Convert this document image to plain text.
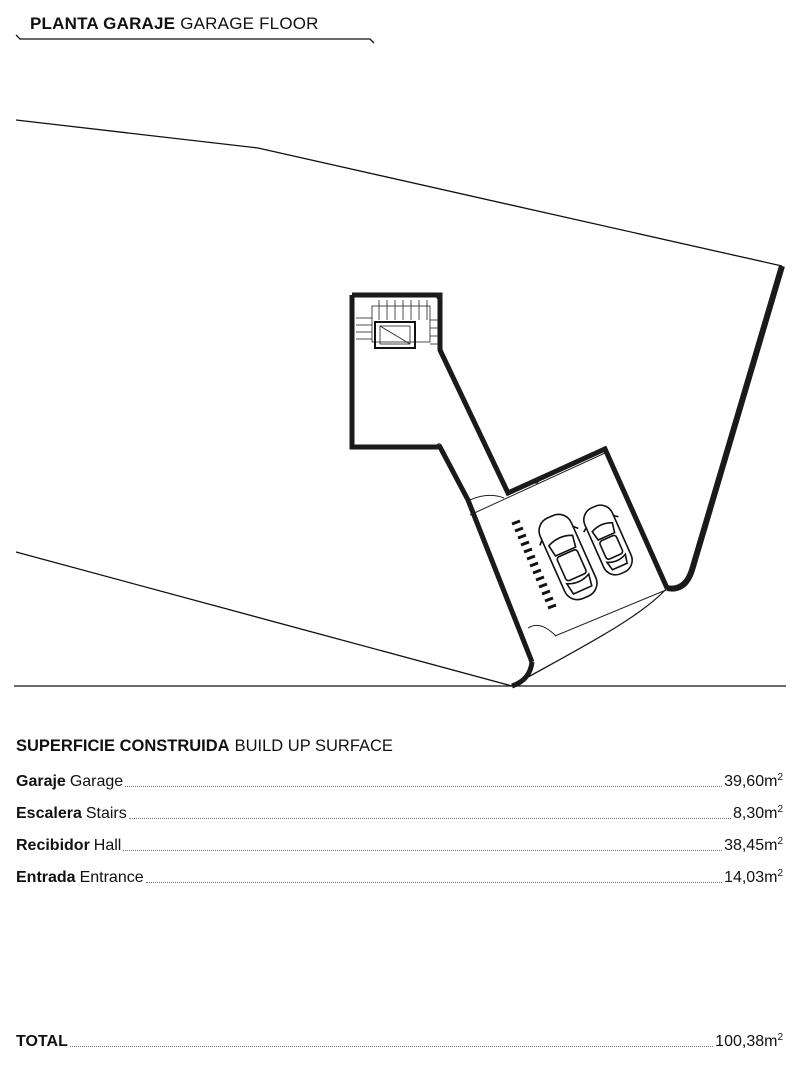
PLANTA GARAJE GARAGE FLOOR
SUPERFICIE CONSTRUIDA BUILD UP SURFACE
Garaje Garage	$39,60m^2$
Escalera Stairs	$8,30m^2$
Recibidor Hall	$38,45m^2$
Entrada Entrance	$14,03m^2$
TOTAL	$100,38m^2$
